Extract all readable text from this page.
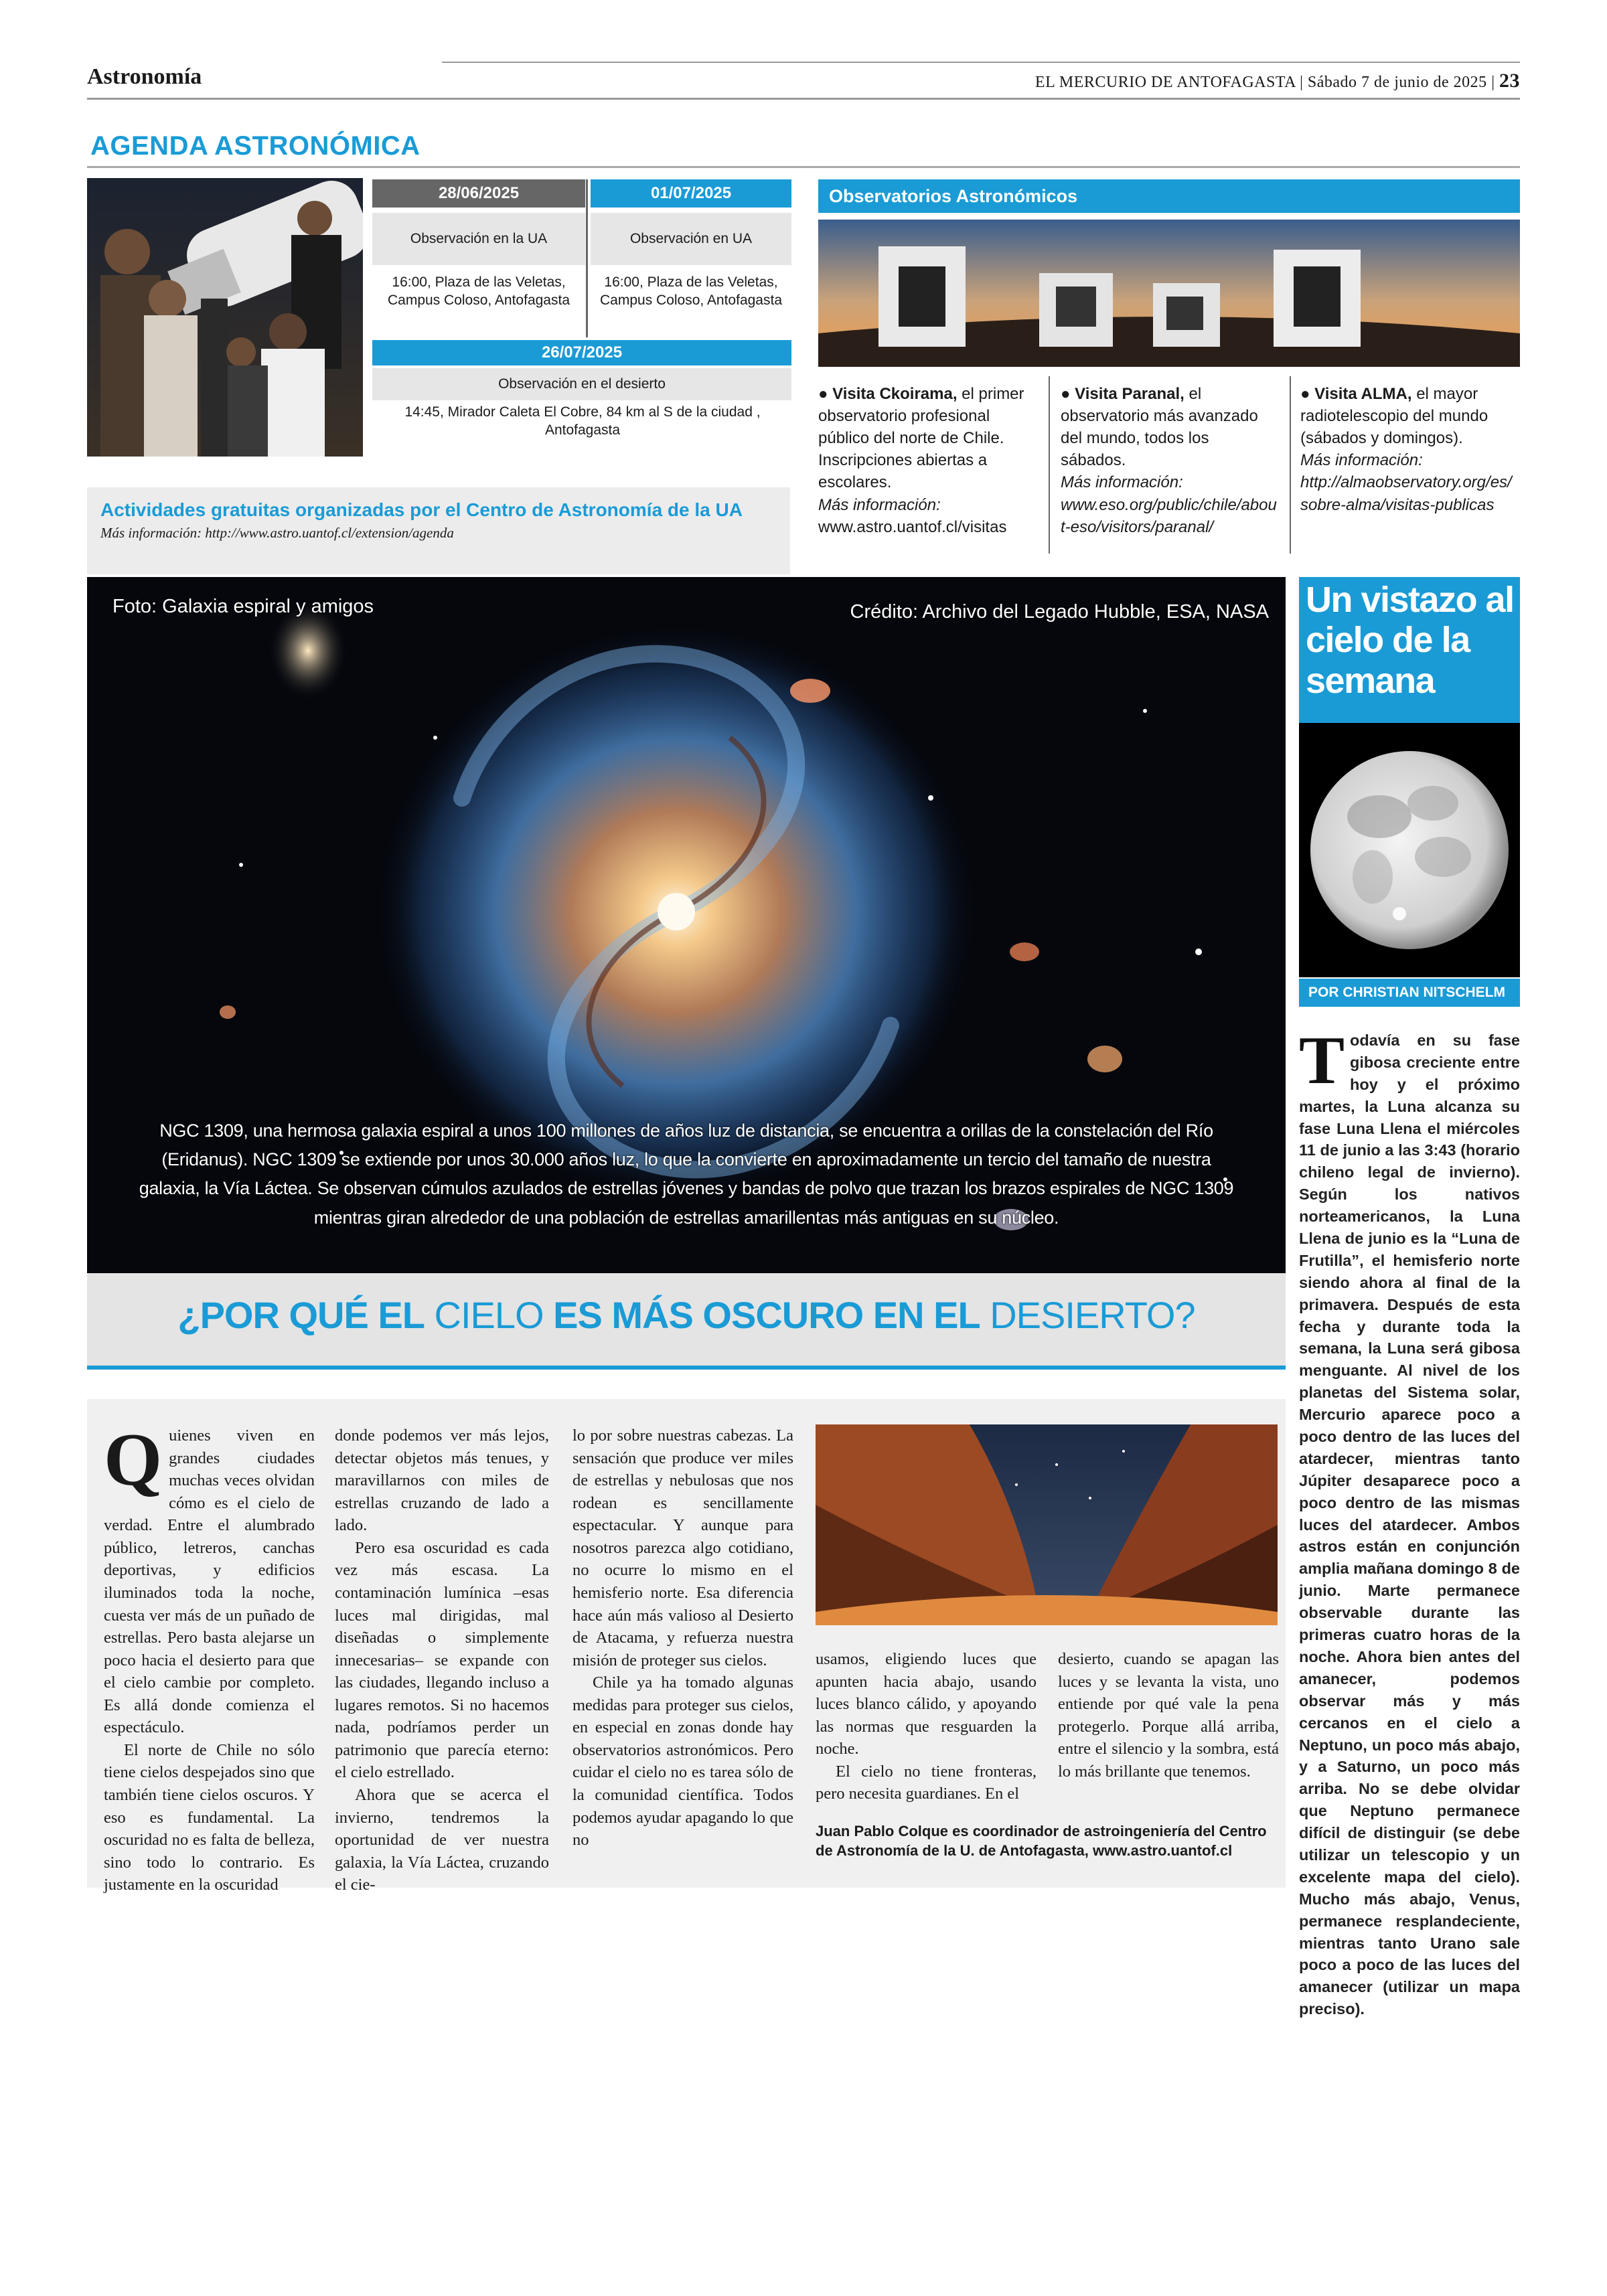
Astronomía	EL MERCURIO DE ANTOFAGASTA | Sábado 7 de junio de 2025 | 23
AGENDA ASTRONÓMICA
28/06/2025
Observación en la UA
16:00, Plaza de las Veletas, Campus Coloso, Antofagasta
01/07/2025
Observación en UA
16:00, Plaza de las Veletas, Campus Coloso, Antofagasta
26/07/2025
Observación en el desierto
14:45, Mirador Caleta El Cobre, 84 km al S de la ciudad , Antofagasta
Actividades gratuitas organizadas por el Centro de Astronomía de la UA
Más información: http://www.astro.uantof.cl/extension/agenda
Observatorios Astronómicos
● Visita Ckoirama, el primer observatorio profesional público del norte de Chile. Inscripciones abiertas a escolares.
Más información:
www.astro.uantof.cl/visitas
● Visita Paranal, el observatorio más avanzado del mundo, todos los sábados.
Más información:
www.eso.org/public/chile/about-eso/visitors/paranal/
● Visita ALMA, el mayor radiotelescopio del mundo (sábados y domingos).
Más información:
http://almaobservatory.org/es/sobre-alma/visitas-publicas
Foto: Galaxia espiral y amigos	Crédito: Archivo del Legado Hubble, ESA, NASA
NGC 1309, una hermosa galaxia espiral a unos 100 millones de años luz de distancia, se encuentra a orillas de la constelación del Río (Eridanus). NGC 1309 se extiende por unos 30.000 años luz, lo que la convierte en aproximadamente un tercio del tamaño de nuestra galaxia, la Vía Láctea. Se observan cúmulos azulados de estrellas jóvenes y bandas de polvo que trazan los brazos espirales de NGC 1309 mientras giran alrededor de una población de estrellas amarillentas más antiguas en su núcleo.
¿POR QUÉ EL CIELO ES MÁS OSCURO EN EL DESIERTO?

Quienes viven en grandes ciudades muchas veces olvidan cómo es el cielo de verdad. Entre el alumbrado público, letreros, canchas deportivas, y edificios iluminados toda la noche, cuesta ver más de un puñado de estrellas. Pero basta alejarse un poco hacia el desierto para que el cielo cambie por completo. Es allá donde comienza el espectáculo.

El norte de Chile no sólo tiene cielos despejados sino que también tiene cielos oscuros. Y eso es fundamental. La oscuridad no es falta de belleza, sino todo lo contrario. Es justamente en la oscuridad

donde podemos ver más lejos, detectar objetos más tenues, y maravillarnos con miles de estrellas cruzando de lado a lado.

Pero esa oscuridad es cada vez más escasa. La contaminación lumínica –esas luces mal dirigidas, mal diseñadas o simplemente innecesarias– se expande con las ciudades, llegando incluso a lugares remotos. Si no hacemos nada, podríamos perder un patrimonio que parecía eterno: el cielo estrellado.

Ahora que se acerca el invierno, tendremos la oportunidad de ver nuestra galaxia, la Vía Láctea, cruzando el cie-

lo por sobre nuestras cabezas. La sensación que produce ver miles de estrellas y nebulosas que nos rodean es sencillamente espectacular. Y aunque para nosotros parezca algo cotidiano, no ocurre lo mismo en el hemisferio norte. Esa diferencia hace aún más valioso al Desierto de Atacama, y refuerza nuestra misión de proteger sus cielos.

Chile ya ha tomado algunas medidas para proteger sus cielos, en especial en zonas donde hay observatorios astronómicos. Pero cuidar el cielo no es tarea sólo de la comunidad científica. Todos podemos ayudar apagando lo que no

usamos, eligiendo luces que apunten hacia abajo, usando luces blanco cálido, y apoyando las normas que resguarden la noche.

El cielo no tiene fronteras, pero necesita guardianes. En el

desierto, cuando se apagan las luces y se levanta la vista, uno entiende por qué vale la pena protegerlo. Porque allá arriba, entre el silencio y la sombra, está lo más brillante que tenemos.

Juan Pablo Colque es coordinador de astroingeniería del Centro de Astronomía de la U. de Antofagasta, www.astro.uantof.cl
Un vistazo al cielo de la semana
POR CHRISTIAN NITSCHELM
Todavía en su fase gibosa creciente entre hoy y el próximo martes, la Luna alcanza su fase Luna Llena el miércoles 11 de junio a las 3:43 (horario chileno legal de invierno). Según los nativos norteamericanos, la Luna Llena de junio es la “Luna de Frutilla”, el hemisferio norte siendo ahora al final de la primavera. Después de esta fecha y durante toda la semana, la Luna será gibosa menguante. Al nivel de los planetas del Sistema solar, Mercurio aparece poco a poco dentro de las luces del atardecer, mientras tanto Júpiter desaparece poco a poco dentro de las mismas luces del atardecer. Ambos astros están en conjunción amplia mañana domingo 8 de junio. Marte permanece observable durante las primeras cuatro horas de la noche. Ahora bien antes del amanecer, podemos observar más y más cercanos en el cielo a Neptuno, un poco más abajo, y a Saturno, un poco más arriba. No se debe olvidar que Neptuno permanece difícil de distinguir (se debe utilizar un telescopio y un excelente mapa del cielo). Mucho más abajo, Venus, permanece resplandeciente, mientras tanto Urano sale poco a poco de las luces del amanecer (utilizar un mapa preciso).
